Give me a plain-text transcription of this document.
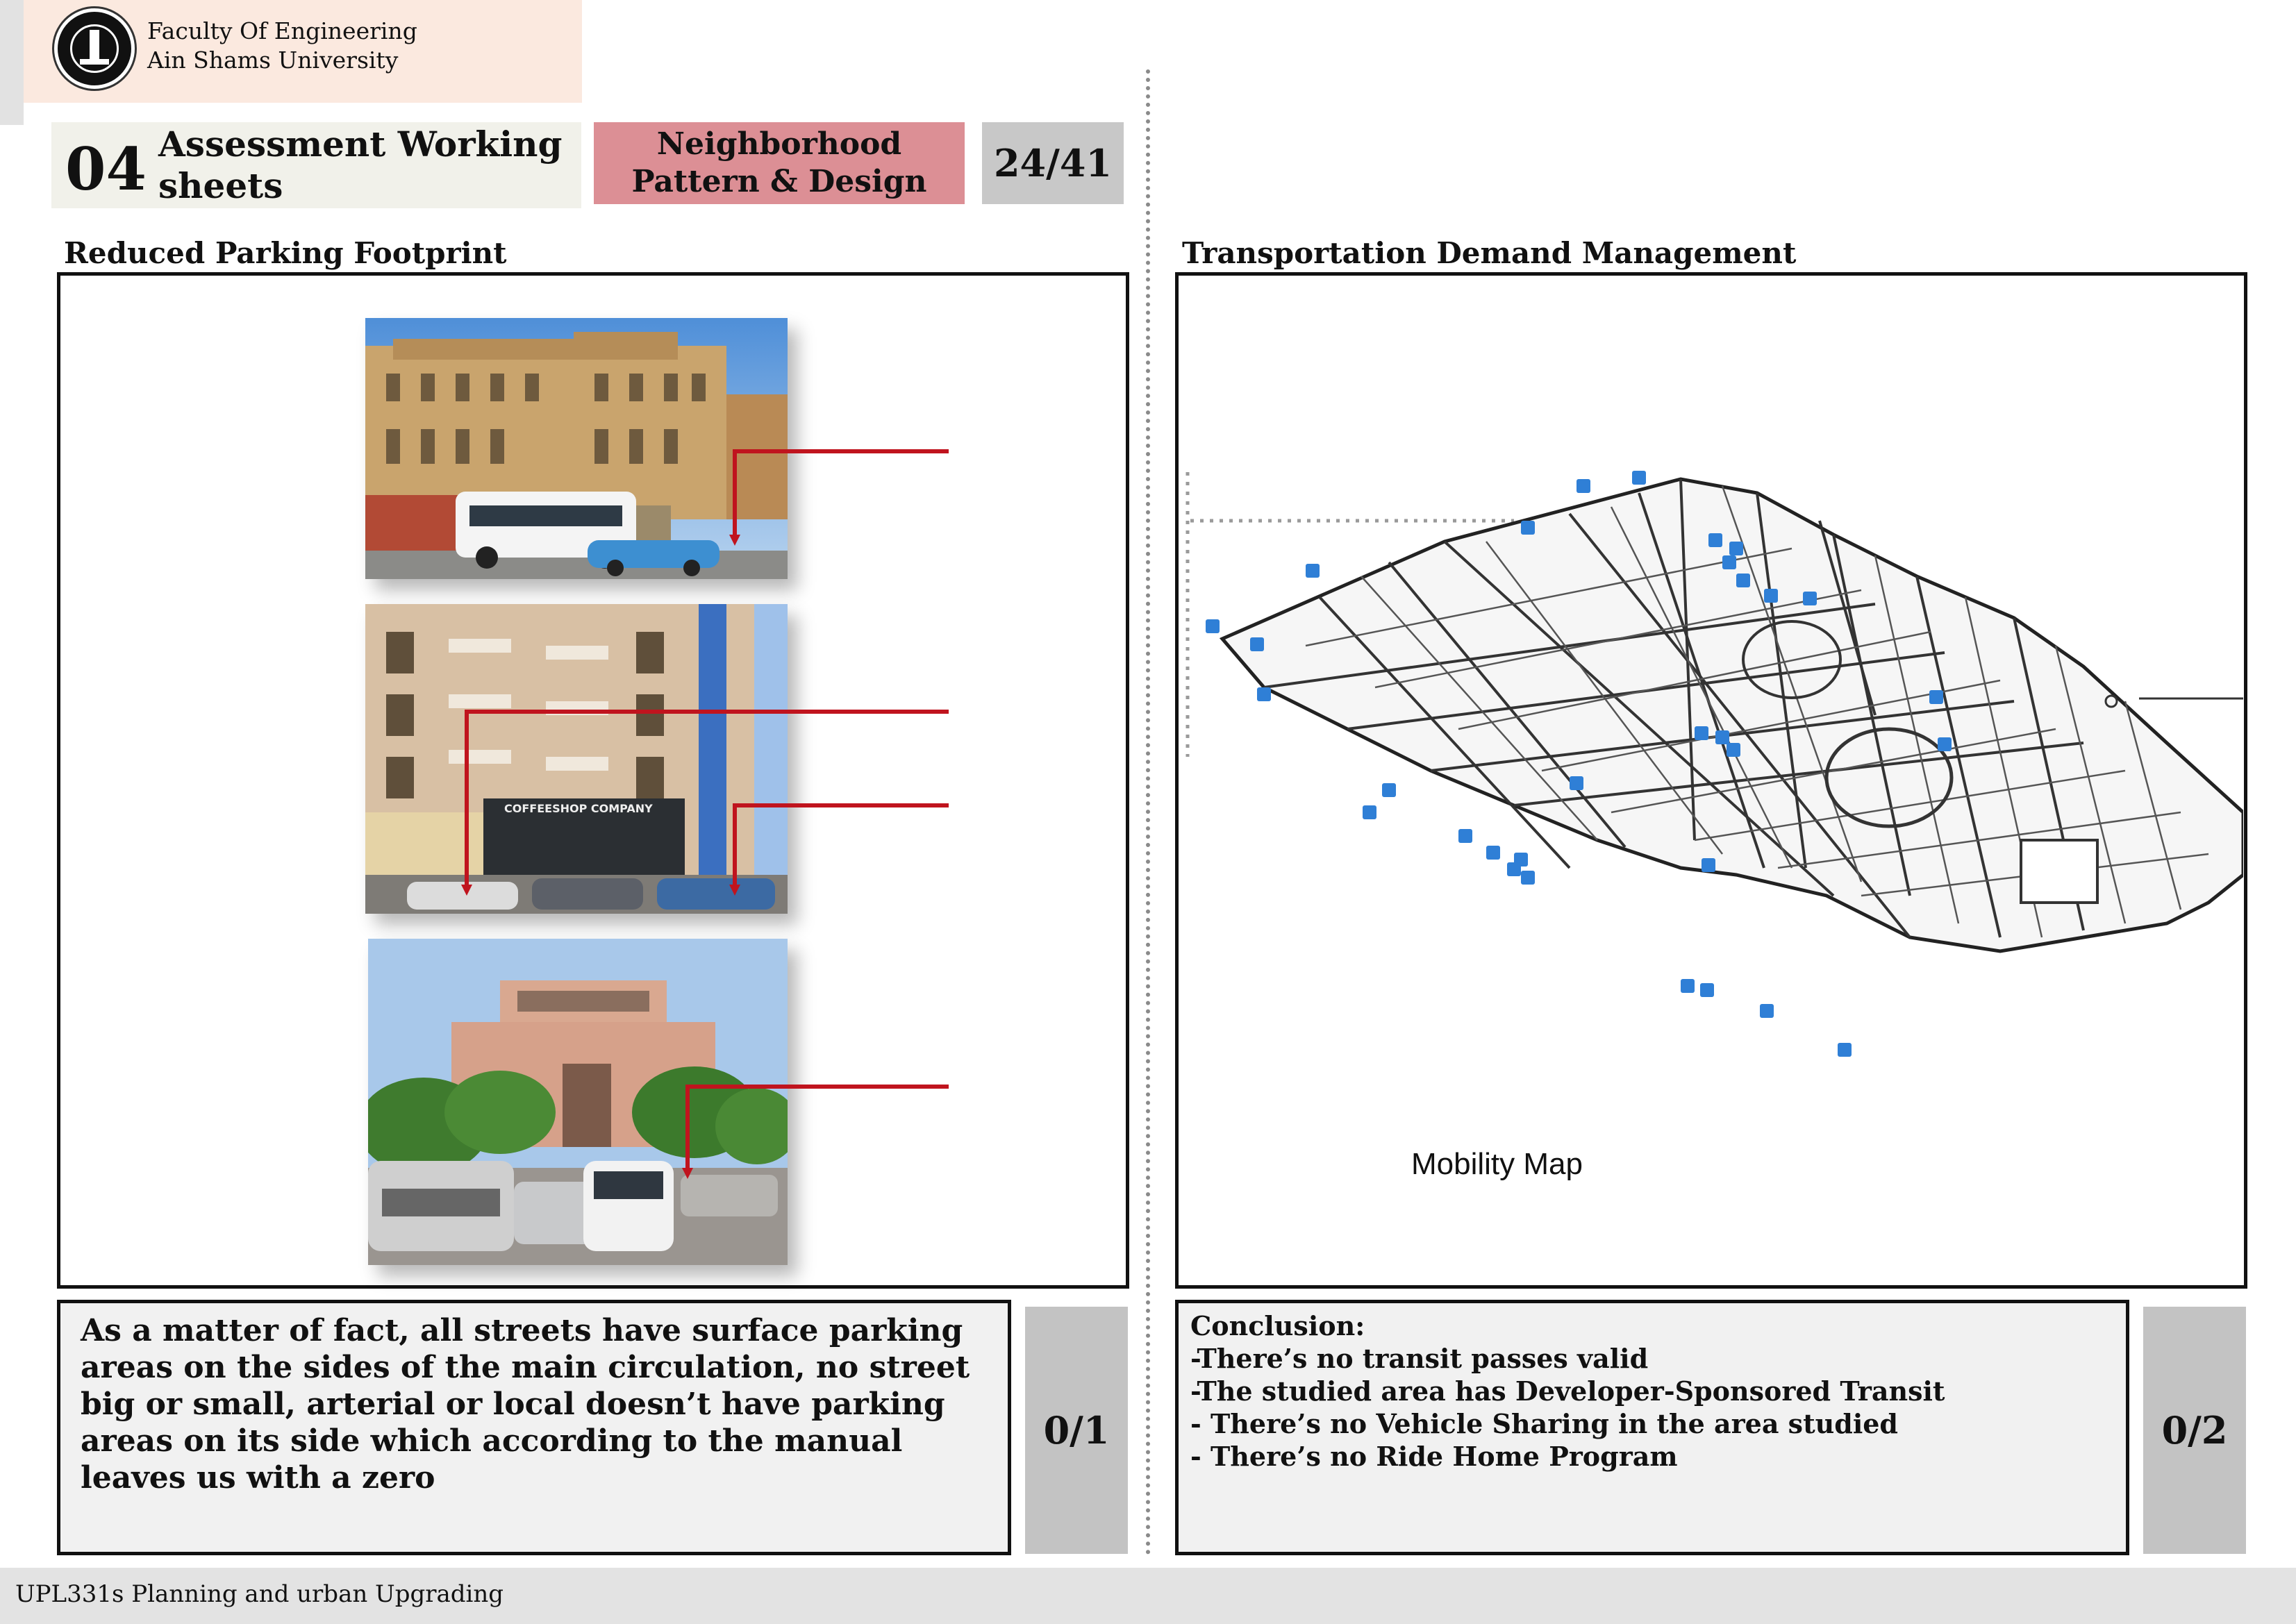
Faculty Of Engineering
Ain Shams University
04 Assessment Working
sheets
Neighborhood
Pattern & Design	24/41
Reduced Parking Footprint	Transportation Demand Management
COFFEESHOP COMPANY
Mobility Map
As a matter of fact, all streets have surface parking
areas on the sides of the main circulation, no street
big or small, arterial or local doesn’t have parking
areas on its side which according to the manual
leaves us with a zero
0/1
Conclusion:
-There’s no transit passes valid
-The studied area has Developer-Sponsored Transit
- There’s no Vehicle Sharing in the area studied
- There’s no Ride Home Program
0/2
UPL331s Planning and urban Upgrading
